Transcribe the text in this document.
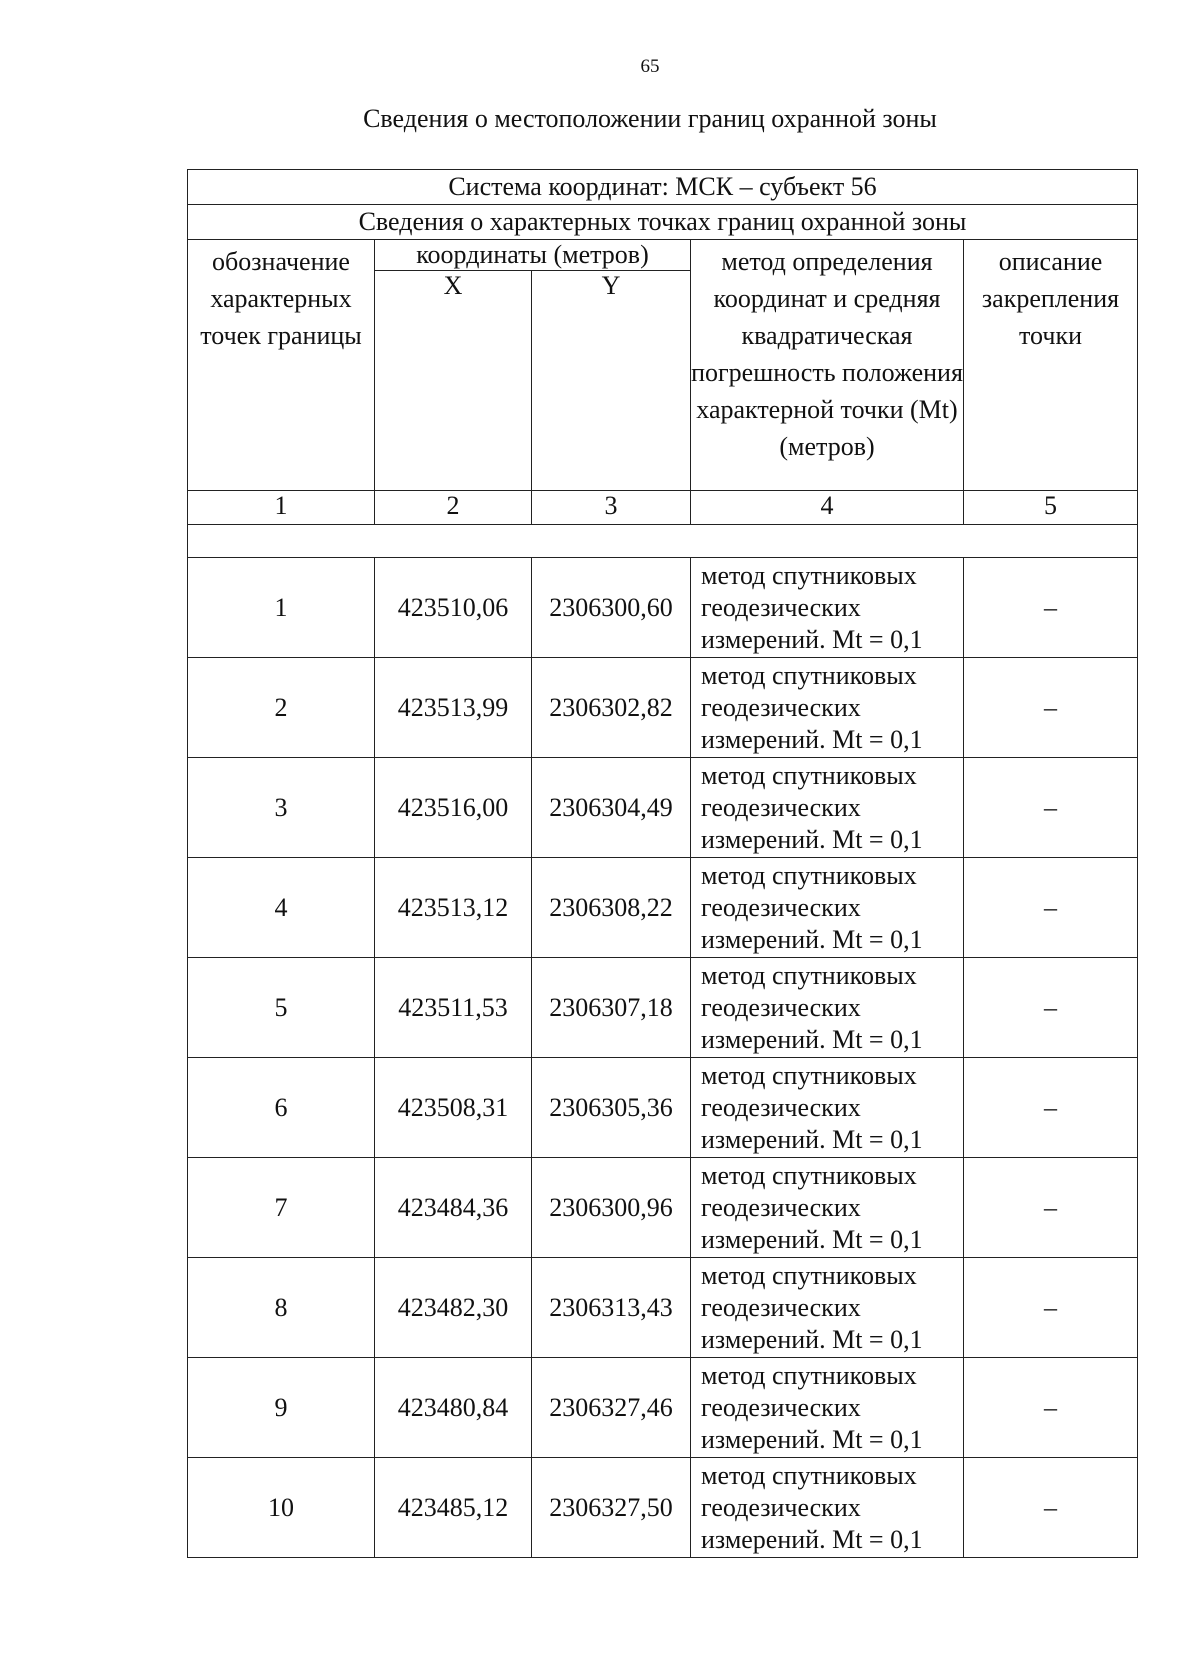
65
Сведения о местоположении границ охранной зоны
Система координат: МСК – субъект 56				
Сведения о характерных точках границ охранной зоны				
обозначение характерных точек границы	координаты (метров)		метод определения координат и средняя квадратическая погрешность положения характерной точки (Mt) (метров)	описание закрепления точки
	X	Y		
1	2	3	4	5

1	423510,06	2306300,60	метод спутниковых
геодезических
измерений. Mt = 0,1	–
2	423513,99	2306302,82	метод спутниковых
геодезических
измерений. Mt = 0,1	–
3	423516,00	2306304,49	метод спутниковых
геодезических
измерений. Mt = 0,1	–
4	423513,12	2306308,22	метод спутниковых
геодезических
измерений. Mt = 0,1	–
5	423511,53	2306307,18	метод спутниковых
геодезических
измерений. Mt = 0,1	–
6	423508,31	2306305,36	метод спутниковых
геодезических
измерений. Mt = 0,1	–
7	423484,36	2306300,96	метод спутниковых
геодезических
измерений. Mt = 0,1	–
8	423482,30	2306313,43	метод спутниковых
геодезических
измерений. Mt = 0,1	–
9	423480,84	2306327,46	метод спутниковых
геодезических
измерений. Mt = 0,1	–
10	423485,12	2306327,50	метод спутниковых
геодезических
измерений. Mt = 0,1	–
